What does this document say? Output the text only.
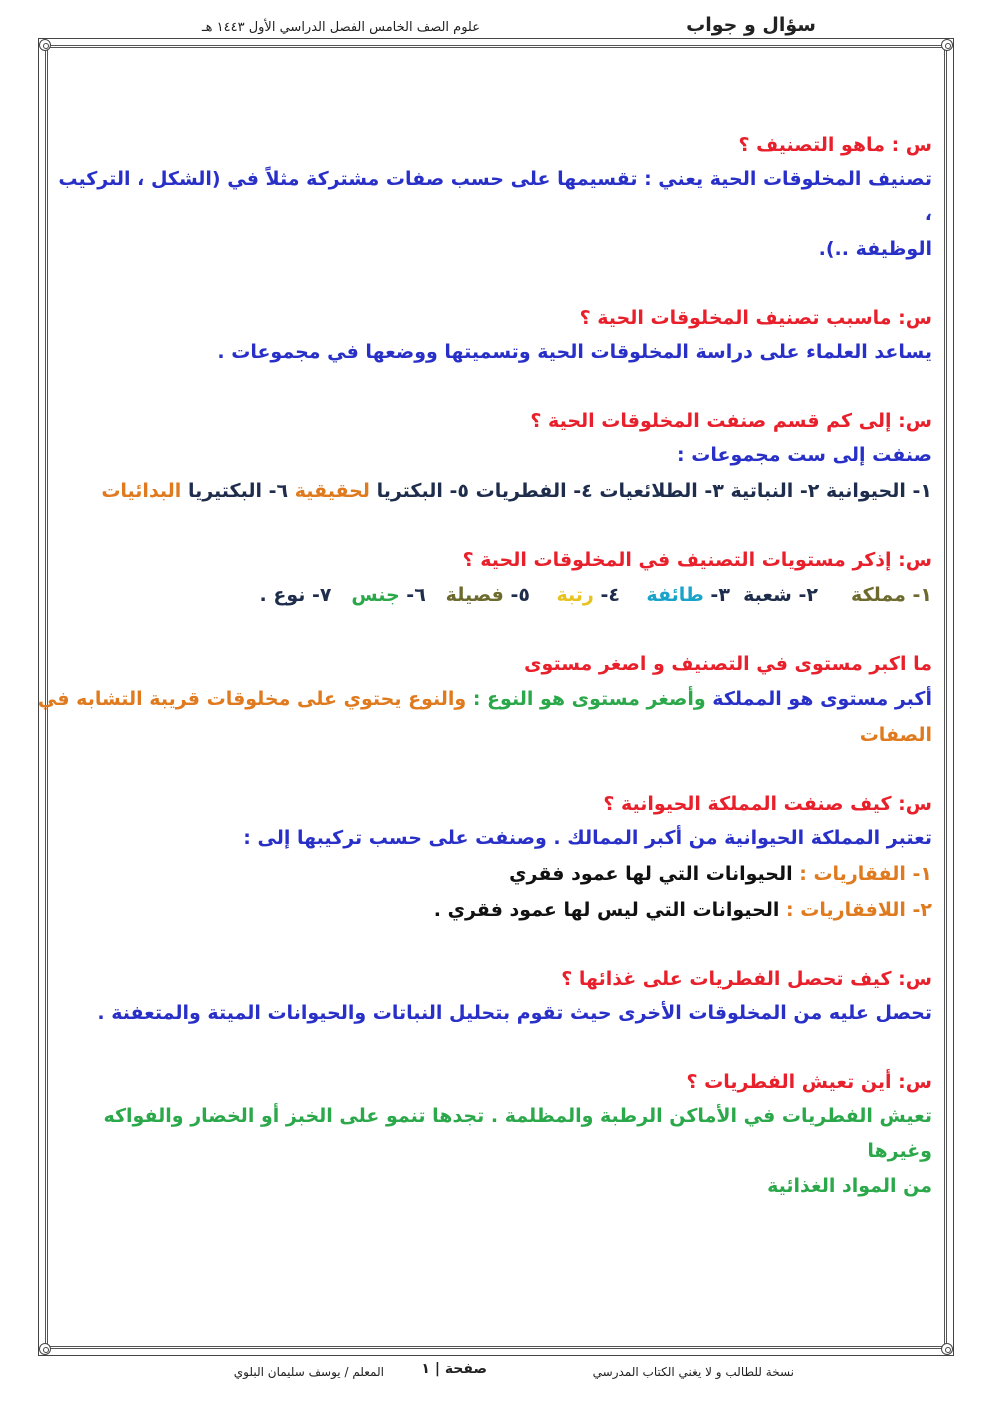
سؤال و جواب
علوم الصف الخامس الفصل الدراسي الأول ١٤٤٣ هـ

س : ماهو التصنيف ؟

تصنيف المخلوقات الحية يعني : تقسيمها على حسب صفات مشتركة مثلاً في (الشكل ، التركيب ،

الوظيفة ..).

س: ماسبب تصنيف المخلوقات الحية ؟

يساعد العلماء على دراسة المخلوقات الحية وتسميتها ووضعها في مجموعات .

س: إلى كم قسم صنفت المخلوقات الحية ؟

صنفت إلى ست مجموعات :

١- الحيوانية ٢- النباتية ٣- الطلائعيات ٤- الفطريات ٥- البكتريا لحقيقية ٦- البكتيريا البدائيات

س: إذكر مستويات التصنيف في المخلوقات الحية ؟

١- مملكة     ٢- شعبة  ٣- طائفة    ٤- رتبة    ٥- فصيلة   ٦- جنس   ٧- نوع .

ما اكبر مستوى في التصنيف و اصغر مستوى

أكبر مستوى هو المملكة وأصغر مستوى هو النوع : والنوع يحتوي على مخلوقات قريبة التشابه في

الصفات

س: كيف صنفت المملكة الحيوانية ؟

تعتبر المملكة الحيوانية من أكبر الممالك . وصنفت على حسب تركيبها إلى :

١- الفقاريات : الحيوانات التي لها عمود فقري

٢- اللافقاريات : الحيوانات التي ليس لها عمود فقري .

س: كيف تحصل الفطريات على غذائها ؟

تحصل عليه من المخلوقات الأخرى حيث تقوم بتحليل النباتات والحيوانات الميتة والمتعفنة .

س: أين تعيش الفطريات ؟

تعيش الفطريات في الأماكن الرطبة والمظلمة . تجدها تنمو على الخبز أو الخضار والفواكه وغيرها

من المواد الغذائية

نسخة للطالب و لا يغني الكتاب المدرسي
صفحة | ١
المعلم / يوسف سليمان البلوي
